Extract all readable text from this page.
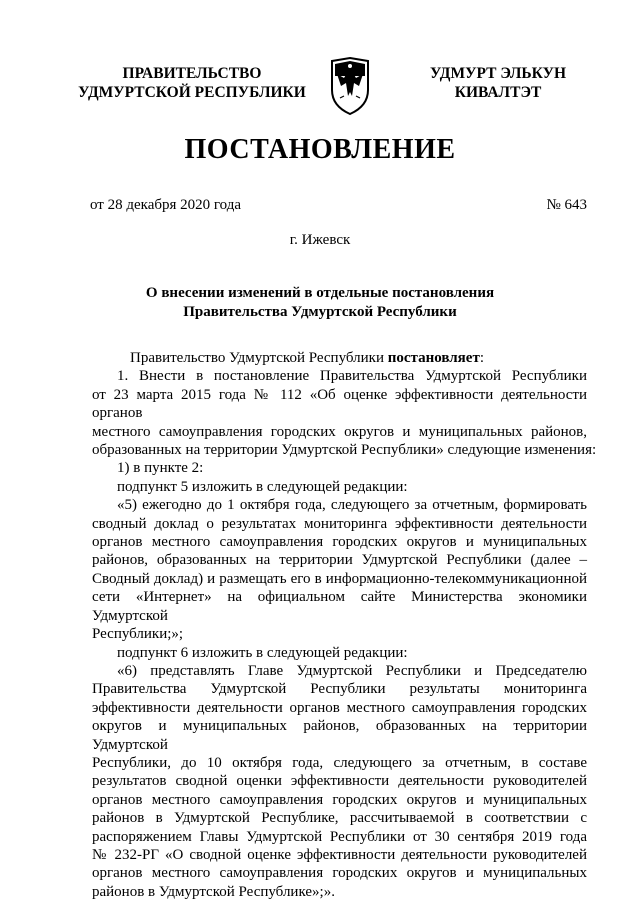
ПРАВИТЕЛЬСТВО
УДМУРТСКОЙ РЕСПУБЛИКИ
УДМУРТ ЭЛЬКУН
КИВАЛТЭТ
ПОСТАНОВЛЕНИЕ
от 28 декабря 2020 года	№ 643
г. Ижевск
О внесении изменений в отдельные постановления
Правительства Удмуртской Республики
Правительство Удмуртской Республики постановляет:
1. Внести в постановление Правительства Удмуртской Республики
от 23 марта 2015 года № 112 «Об оценке эффективности деятельности органов
местного самоуправления городских округов и муниципальных районов,
образованных на территории Удмуртской Республики» следующие изменения:
1) в пункте 2:
подпункт 5 изложить в следующей редакции:
«5) ежегодно до 1 октября года, следующего за отчетным, формировать
сводный доклад о результатах мониторинга эффективности деятельности
органов местного самоуправления городских округов и муниципальных
районов, образованных на территории Удмуртской Республики (далее –
Сводный доклад) и размещать его в информационно-телекоммуникационной
сети «Интернет» на официальном сайте Министерства экономики Удмуртской
Республики;»;
подпункт 6 изложить в следующей редакции:
«6) представлять Главе Удмуртской Республики и Председателю
Правительства Удмуртской Республики результаты мониторинга
эффективности деятельности органов местного самоуправления городских
округов и муниципальных районов, образованных на территории Удмуртской
Республики, до 10 октября года, следующего за отчетным, в составе
результатов сводной оценки эффективности деятельности руководителей
органов местного самоуправления городских округов и муниципальных
районов в Удмуртской Республике, рассчитываемой в соответствии с
распоряжением Главы Удмуртской Республики от 30 сентября 2019 года
№ 232-РГ «О сводной оценке эффективности деятельности руководителей
органов местного самоуправления городских округов и муниципальных
районов в Удмуртской Республике»;».
